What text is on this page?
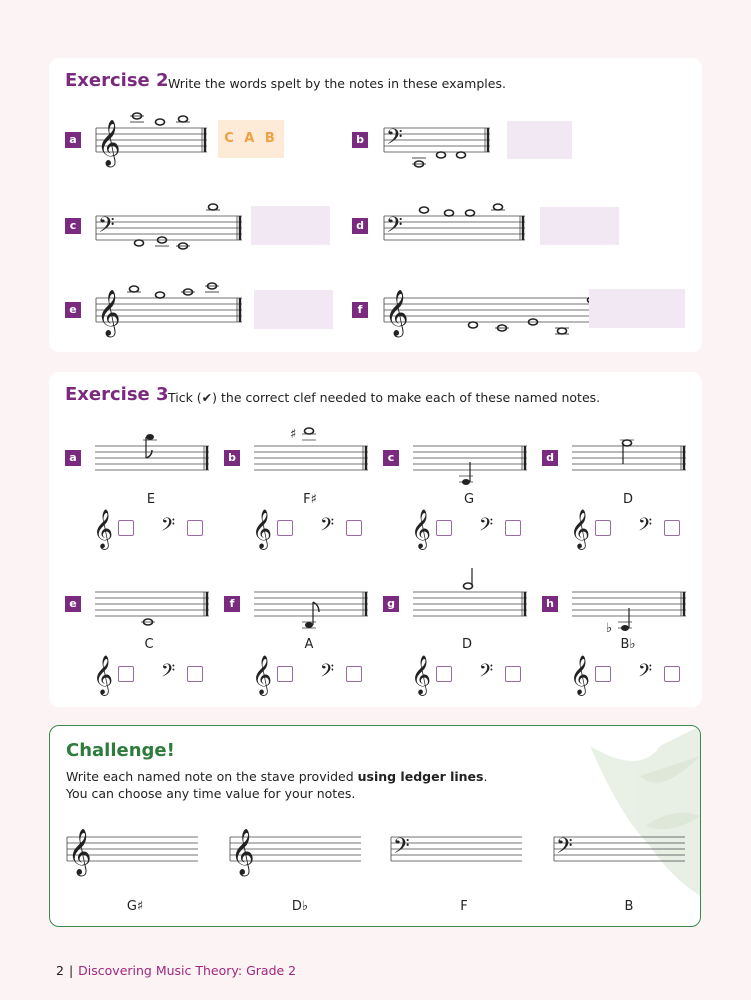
Exercise 2 Write the words spelt by the notes in these examples.
a 𝄞	C A B	b 𝄢
c 𝄢	d 𝄢
e 𝄞	f 𝄞
Exercise 3 Tick (✔) the correct clef needed to make each of these named notes.
a
E
b
♯
F♯
c
G
d
D
𝄞 𝄢 𝄞 𝄢 𝄞 𝄢 𝄞 𝄢
e
C
f
A
g
D
h
♭
B♭
𝄞 𝄢 𝄞 𝄢 𝄞 𝄢 𝄞 𝄢
Challenge!
Write each named note on the stave provided using ledger lines.
You can choose any time value for your notes.
𝄞	𝄞	𝄢	𝄢
G♯	D♭	F	B
2 | Discovering Music Theory: Grade 2
